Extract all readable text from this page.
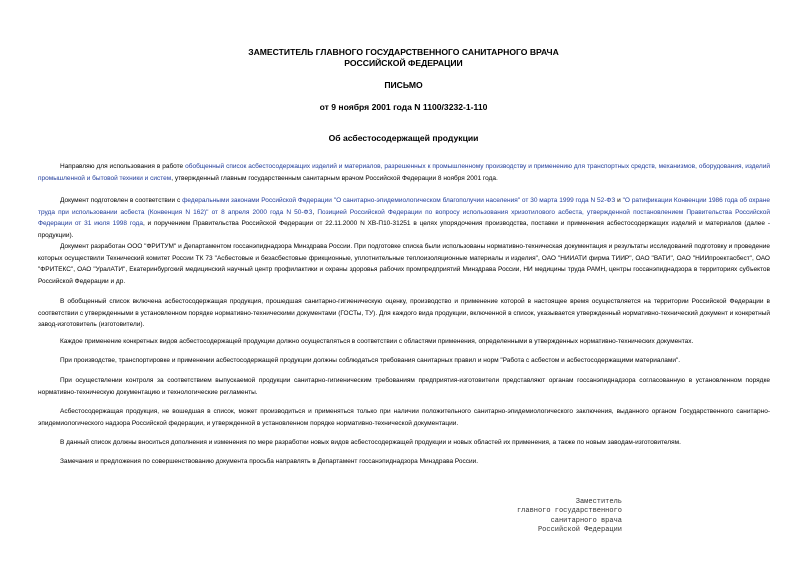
ЗАМЕСТИТЕЛЬ ГЛАВНОГО ГОСУДАРСТВЕННОГО САНИТАРНОГО ВРАЧА
РОССИЙСКОЙ ФЕДЕРАЦИИ
ПИСЬМО
от 9 ноября 2001 года N 1100/3232-1-110
Об асбестосодержащей продукции

Направляю для использования в работе обобщенный список асбестосодержащих изделий и материалов, разрешенных к промышленному производству и применению для транспортных средств, механизмов, оборудования, изделий промышленной и бытовой техники и систем, утвержденный главным государственным санитарным врачом Российской Федерации 8 ноября 2001 года.

Документ подготовлен в соответствии с федеральными законами Российской Федерации "О санитарно-эпидемиологическом благополучии населения" от 30 марта 1999 года N 52-ФЗ и "О ратификации Конвенции 1986 года об охране труда при использовании асбеста (Конвенция N 162)" от 8 апреля 2000 года N 50-ФЗ, Позицией Российской Федерации по вопросу использования хризотилового асбеста, утвержденной постановлением Правительства Российской Федерации от 31 июля 1998 года, и поручением Правительства Российской Федерации от 22.11.2000 N ХВ-П10-31251 в целях упорядочения производства, поставки и применения асбестосодержащих изделий и материалов (далее - продукции).

Документ разработан ООО "ФРИТУМ" и Департаментом госсанэпиднадзора Минздрава России. При подготовке списка были использованы нормативно-техническая документация и результаты исследований подготовку и проведение которых осуществили Технический комитет России ТК 73 "Асбестовые и безасбестовые фрикционные, уплотнительные теплоизоляционные материалы и изделия", ОАО "НИИАТИ фирма ТИИР", ОАО "ВАТИ", ОАО "НИИпроектасбест", ОАО "ФРИТЕКС", ОАО "УралАТИ", Екатеринбургский медицинский научный центр профилактики и охраны здоровья рабочих промпредприятий Минздрава России, НИ медицины труда РАМН, центры госсанэпиднадзора в территориях субъектов Российской Федерации и др.

В обобщенный список включена асбестосодержащая продукция, прошедшая санитарно-гигиеническую оценку, производство и применение которой в настоящее время осуществляется на территории Российской Федерации в соответствии с утвержденными в установленном порядке нормативно-техническими документами (ГОСТы, ТУ). Для каждого вида продукции, включенной в список, указывается утвержденный нормативно-технический документ и конкретный завод-изготовитель (изготовители).

Каждое применение конкретных видов асбестосодержащей продукции должно осуществляться в соответствии с областями применения, определенными в утвержденных нормативно-технических документах.

При производстве, транспортировке и применении асбестосодержащей продукции должны соблюдаться требования санитарных правил и норм "Работа с асбестом и асбестосодержащими материалами".

При осуществлении контроля за соответствием выпускаемой продукции санитарно-гигиеническим требованиям предприятия-изготовители представляют органам госсанэпиднадзора согласованную в установленном порядке нормативно-техническую документацию и технологические регламенты.

Асбестосодержащая продукция, не вошедшая в список, может производиться и применяться только при наличии положительного санитарно-эпидемиологического заключения, выданного органом Государственного санитарно-эпидемиологического надзора Российской федерации, и утвержденной в установленном порядке нормативно-технической документации.

В данный список должны вноситься дополнения и изменения по мере разработки новых видов асбестосодержащей продукции и новых областей их применения, а также по новым заводам-изготовителям.

Замечания и предложения по совершенствованию документа просьба направлять в Департамент госсанэпиднадзора Минздрава России.

Заместитель
главного государственного
санитарного врача
Российской Федерации
